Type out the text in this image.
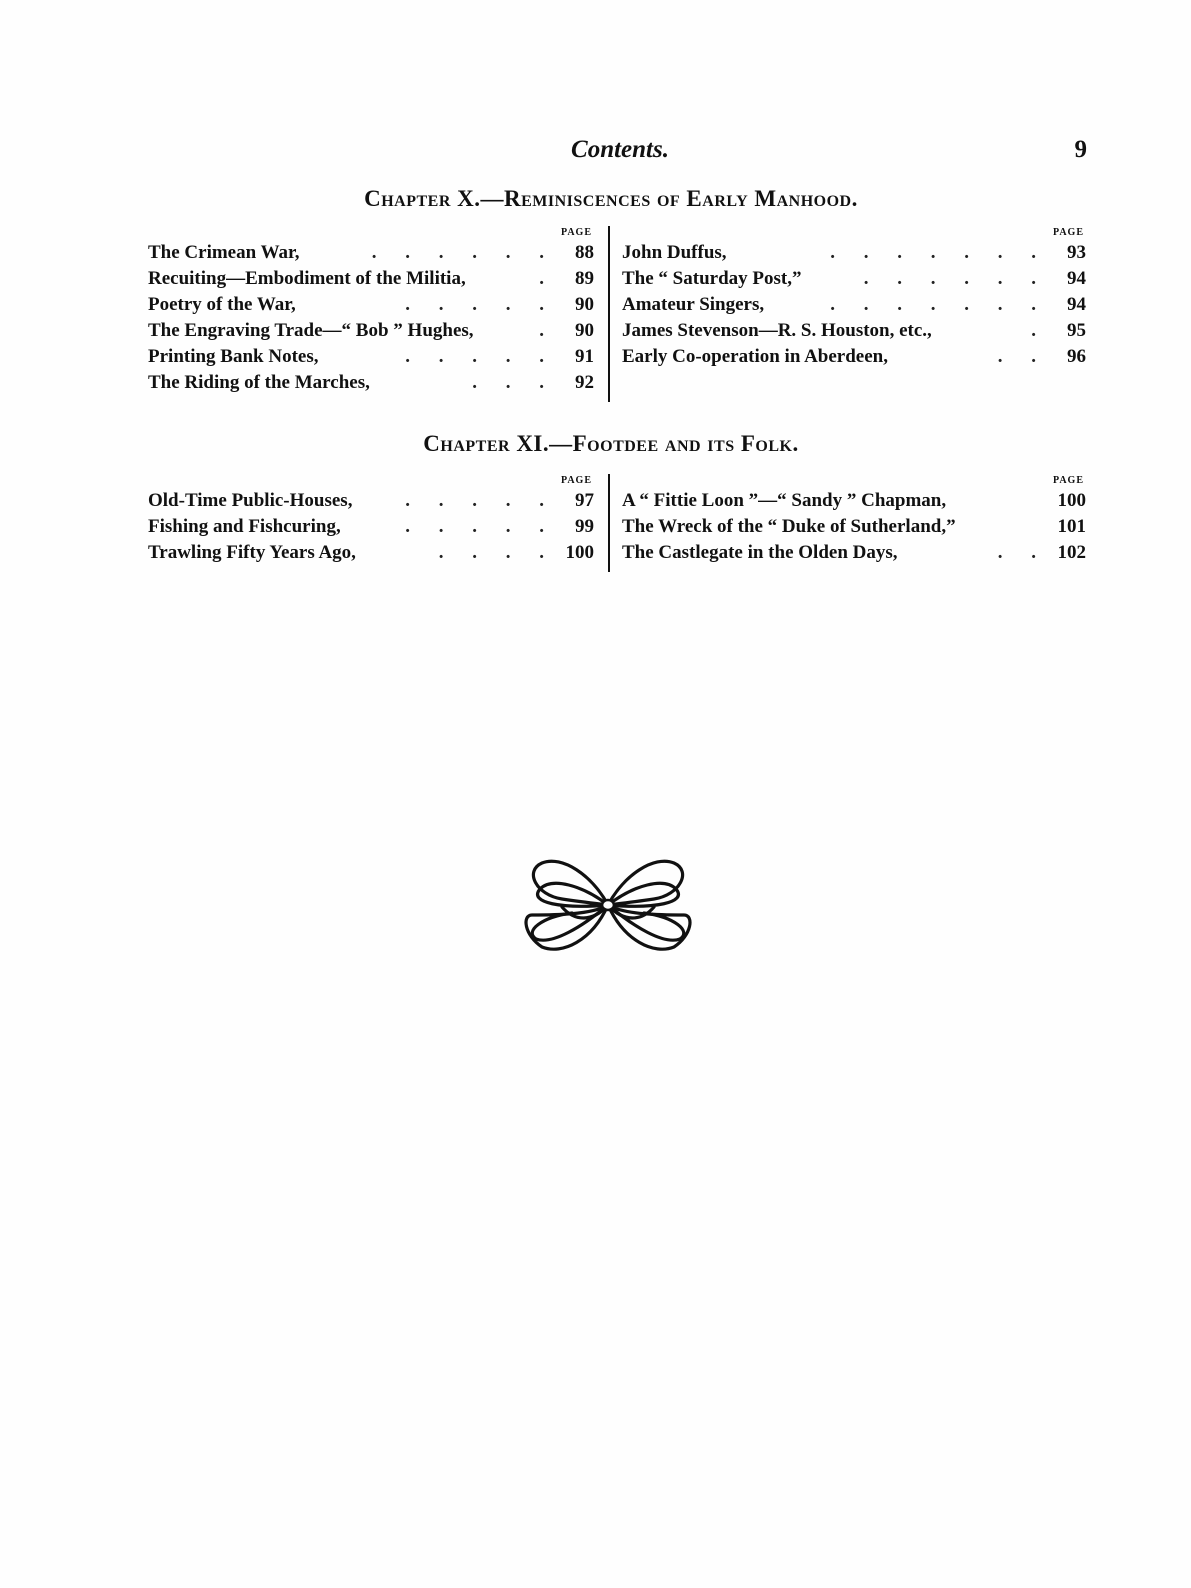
Contents.	9
Chapter X.—Reminiscences of Early Manhood.
PAGE
The Crimean War,	. . . . . .	88
Recuiting—Embodiment of the Militia,	.	89
Poetry of the War,	. . . . .	90
The Engraving Trade—“ Bob ” Hughes,	.	90
Printing Bank Notes,	. . . . .	91
The Riding of the Marches,	. . .	92
PAGE
John Duffus,	. . . . . . .	93
The “ Saturday Post,”	. . . . . .	94
Amateur Singers,	. . . . . . .	94
James Stevenson—R. S. Houston, etc.,	.	95
Early Co-operation in Aberdeen,	. .	96
Chapter XI.—Footdee and its Folk.
PAGE
Old-Time Public-Houses,	. . . . .	97
Fishing and Fishcuring,	. . . . .	99
Trawling Fifty Years Ago,	. . . . 100
PAGE
A “ Fittie Loon ”—“ Sandy ” Chapman,	100
The Wreck of the “ Duke of Sutherland,”	101
The Castlegate in the Olden Days,	. . 102
